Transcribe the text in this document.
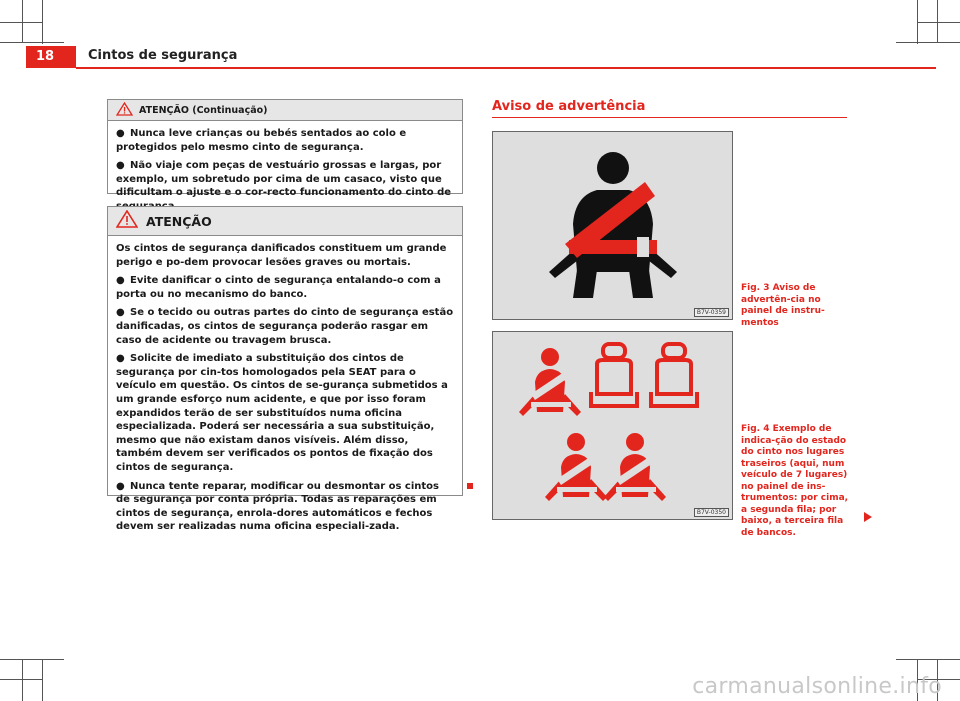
18	Cintos de segurança
ATENÇÃO (Continuação)

● Nunca leve crianças ou bebés sentados ao colo e protegidos pelo mesmo cinto de segurança.

● Não viaje com peças de vestuário grossas e largas, por exemplo, um sobretudo por cima de um casaco, visto que dificultam o ajuste e o cor-recto funcionamento do cinto de

ATENÇÃO

Os cintos de segurança danificados constituem um grande perigo e po-dem provocar lesões graves ou mortais.

● Evite danificar o cinto de segurança entalando-o com a porta ou no mecanismo do banco.

● Se o tecido ou outras partes do cinto de segurança estão danificadas, os cintos de segurança poderão rasgar em caso de acidente ou travagem brusca.

● Solicite de imediato a substituição dos cintos de segurança por cin-tos homologados pela SEAT para o veículo em questão. Os cintos de se-gurança submetidos a um grande esforço num acidente, e que por isso foram expandidos terão de ser substituídos numa oficina especializada. Poderá ser necessária a sua substituição, mesmo que não existam danos visíveis. Além disso, também devem ser verificados os pontos de fixação dos cintos de segurança.

● Nunca tente reparar, modificar ou desmontar os cintos de segurança por conta própria. Todas as reparações em cintos de segurança, enrola-dores automáticos e fechos devem ser realizadas numa oficina especiali-zada.

Aviso de advertência
B7V-0359
Fig. 3 Aviso de advertên-cia no painel de instru-mentos
B7V-0350
Fig. 4 Exemplo de indica-ção do estado do cinto nos lugares traseiros (aqui, num veículo de 7 lugares) no painel de ins-trumentos: por cima, a segunda fila; por baixo, a terceira fila de bancos.
carmanualsonline.info
